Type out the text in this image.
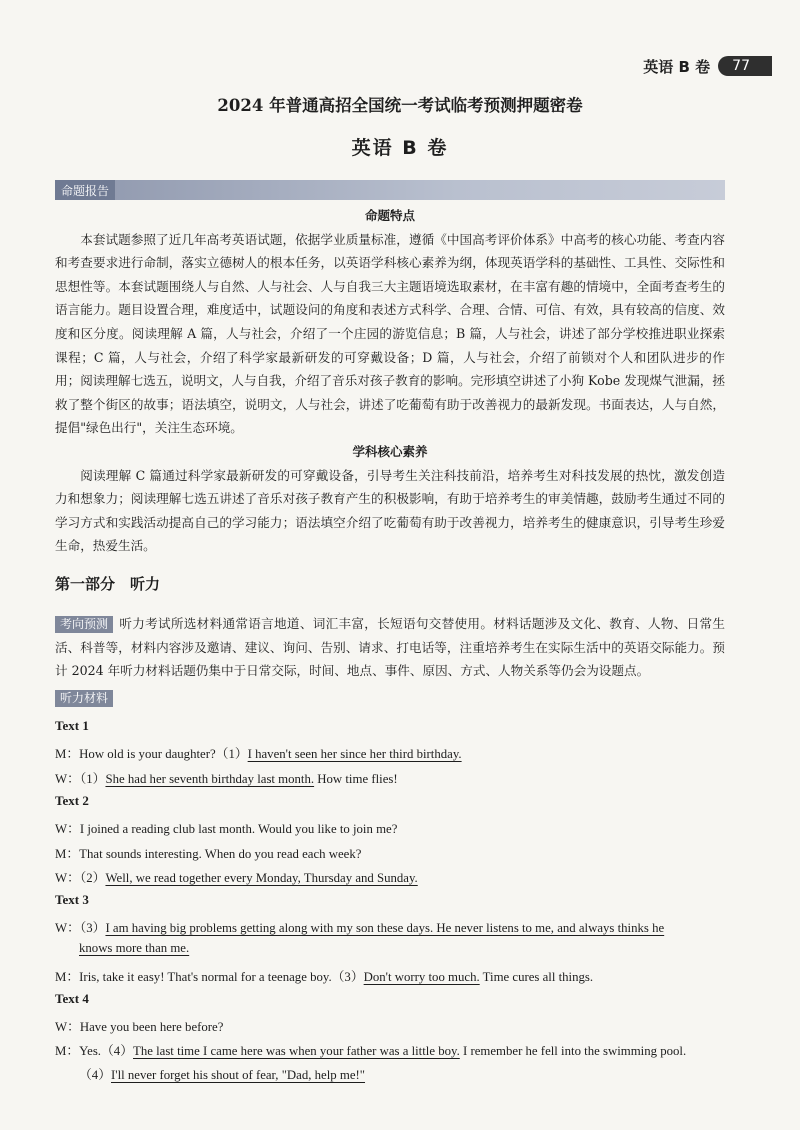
英语 B 卷	77
2024 年普通高招全国统一考试临考预测押题密卷
英语 B 卷
命题报告
命题特点

本套试题参照了近几年高考英语试题，依据学业质量标准，遵循《中国高考评价体系》中高考的核心功能、考查内容和考查要求进行命制，落实立德树人的根本任务，以英语学科核心素养为纲，体现英语学科的基础性、工具性、交际性和思想性等。本套试题围绕人与自然、人与社会、人与自我三大主题语境选取素材，在丰富有趣的情境中，全面考查考生的语言能力。题目设置合理，难度适中，试题设问的角度和表述方式科学、合理、合情、可信、有效，具有较高的信度、效度和区分度。阅读理解 A 篇，人与社会，介绍了一个庄园的游览信息；B 篇，人与社会，讲述了部分学校推进职业探索课程；C 篇，人与社会，介绍了科学家最新研发的可穿戴设备；D 篇，人与社会，介绍了前锁对个人和团队进步的作用；阅读理解七选五，说明文，人与自我，介绍了音乐对孩子教育的影响。完形填空讲述了小狗 Kobe 发现煤气泄漏，拯救了整个街区的故事；语法填空，说明文，人与社会，讲述了吃葡萄有助于改善视力的最新发现。书面表达，人与自然，提倡"绿色出行"，关注生态环境。

学科核心素养

阅读理解 C 篇通过科学家最新研发的可穿戴设备，引导考生关注科技前沿，培养考生对科技发展的热忱，激发创造力和想象力；阅读理解七选五讲述了音乐对孩子教育产生的积极影响，有助于培养考生的审美情趣，鼓励考生通过不同的学习方式和实践活动提高自己的学习能力；语法填空介绍了吃葡萄有助于改善视力，培养考生的健康意识，引导考生珍爱生命，热爱生活。

第一部分　听力

考向预测 听力考试所选材料通常语言地道、词汇丰富，长短语句交替使用。材料话题涉及文化、教育、人物、日常生活、科普等，材料内容涉及邀请、建议、询问、告别、请求、打电话等，注重培养考生在实际生活中的英语交际能力。预计 2024 年听力材料话题仍集中于日常交际，时间、地点、事件、原因、方式、人物关系等仍会为设题点。

听力材料
Text 1
M：How old is your daughter?（1）I haven't seen her since her third birthday.
W：（1）She had her seventh birthday last month. How time flies!
Text 2
W：I joined a reading club last month. Would you like to join me?
M：That sounds interesting. When do you read each week?
W：（2）Well, we read together every Monday, Thursday and Sunday.
Text 3
W：（3）I am having big problems getting along with my son these days. He never listens to me, and always thinks he
knows more than me.
M：Iris, take it easy! That's normal for a teenage boy.（3）Don't worry too much. Time cures all things.
Text 4
W：Have you been here before?
M：Yes.（4）The last time I came here was when your father was a little boy. I remember he fell into the swimming pool.
（4）I'll never forget his shout of fear, "Dad, help me!"
